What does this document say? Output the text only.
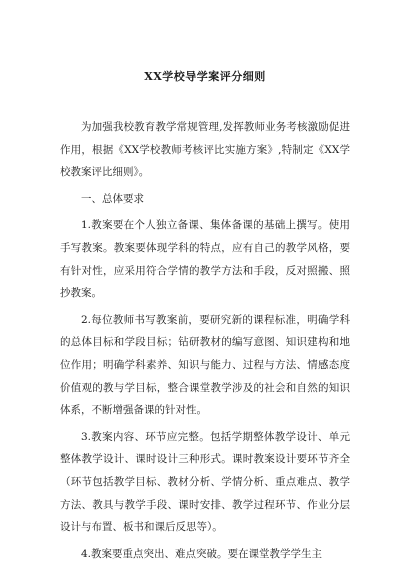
XX学校导学案评分细则

为加强我校教育教学常规管理,发挥教师业务考核激励促进作用，根据《XX学校教师考核评比实施方案》,特制定《XX学校教案评比细则》。

一、总体要求

1.教案要在个人独立备课、集体备课的基础上撰写。使用手写教案。教案要体现学科的特点，应有自己的教学风格，要有针对性，应采用符合学情的教学方法和手段，反对照搬、照抄教案。

2.每位教师书写教案前，要研究新的课程标准，明确学科的总体目标和学段目标；钻研教材的编写意图、知识建构和地位作用；明确学科素养、知识与能力、过程与方法、情感态度价值观的教与学目标，整合课堂教学涉及的社会和自然的知识体系，不断增强备课的针对性。

3.教案内容、环节应完整。包括学期整体教学设计、单元整体教学设计、课时设计三种形式。课时教案设计要环节齐全（环节包括教学目标、教材分析、学情分析、重点难点、教学方法、教具与教学手段、课时安排、教学过程环节、作业分层设计与布置、板书和课后反思等）。

4.教案要重点突出、难点突破。要在课堂教学学生主
